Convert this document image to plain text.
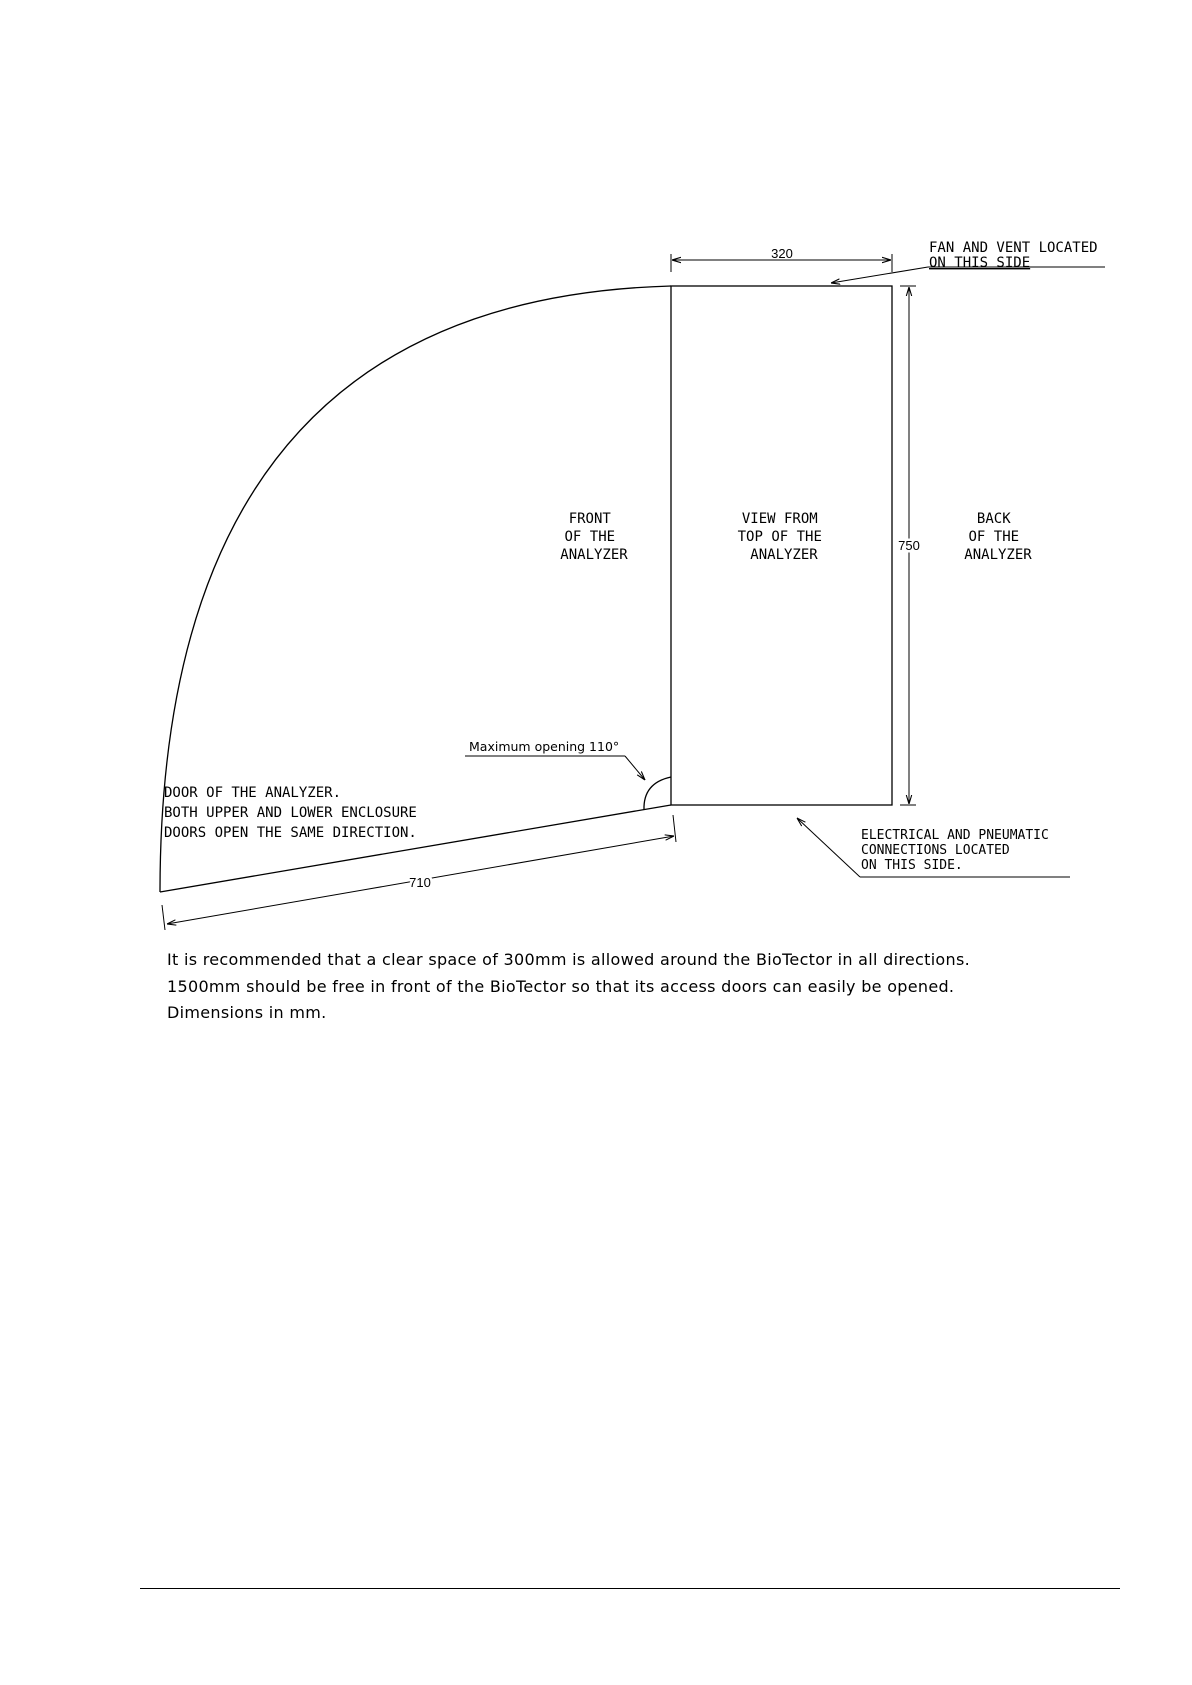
320
750
710
FAN AND VENT LOCATED ON THIS SIDE
FRONT OF THE ANALYZER
VIEW FROM TOP OF THE ANALYZER
BACK OF THE ANALYZER
Maximum opening 110°
DOOR OF THE ANALYZER. BOTH UPPER AND LOWER ENCLOSURE DOORS OPEN THE SAME DIRECTION.	ELECTRICAL AND PNEUMATIC CONNECTIONS LOCATED ON THIS SIDE.
It is recommended that a clear space of 300mm is allowed around the BioTector in all directions.
1500mm should be free in front of the BioTector so that its access doors can easily be opened.
Dimensions in mm.
